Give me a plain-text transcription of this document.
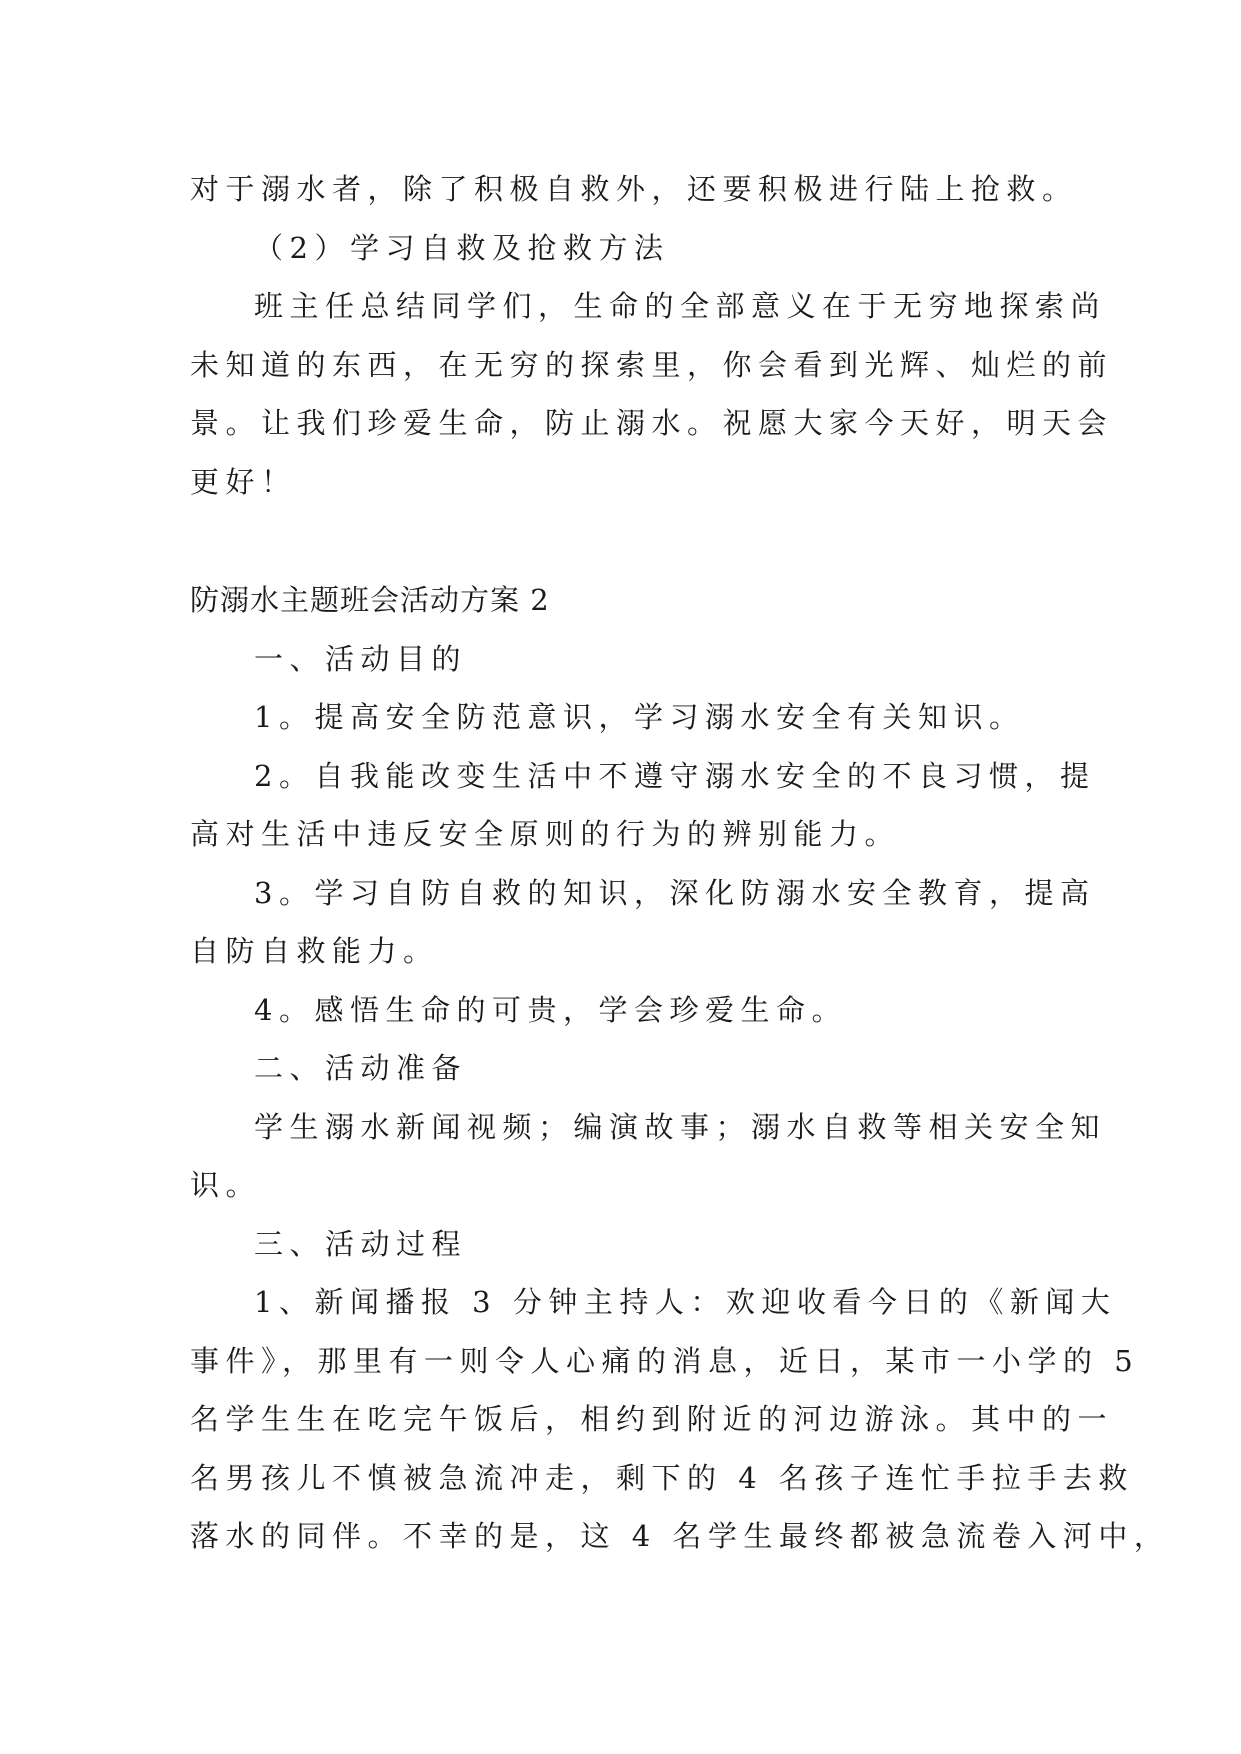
对于溺水者，除了积极自救外，还要积极进行陆上抢救。
（2）学习自救及抢救方法
班主任总结同学们，生命的全部意义在于无穷地探索尚
未知道的东西，在无穷的探索里，你会看到光辉、灿烂的前
景。让我们珍爱生命，防止溺水。祝愿大家今天好，明天会
更好！
防溺水主题班会活动方案 2
一、活动目的
1。提高安全防范意识，学习溺水安全有关知识。
2。自我能改变生活中不遵守溺水安全的不良习惯，提
高对生活中违反安全原则的行为的辨别能力。
3。学习自防自救的知识，深化防溺水安全教育，提高
自防自救能力。
4。感悟生命的可贵，学会珍爱生命。
二、活动准备
学生溺水新闻视频；编演故事；溺水自救等相关安全知
识。
三、活动过程
1、新闻播报 3 分钟主持人：欢迎收看今日的《新闻大
事件》，那里有一则令人心痛的消息，近日，某市一小学的 5
名学生生在吃完午饭后，相约到附近的河边游泳。其中的一
名男孩儿不慎被急流冲走，剩下的 4 名孩子连忙手拉手去救
落水的同伴。不幸的是，这 4 名学生最终都被急流卷入河中，
